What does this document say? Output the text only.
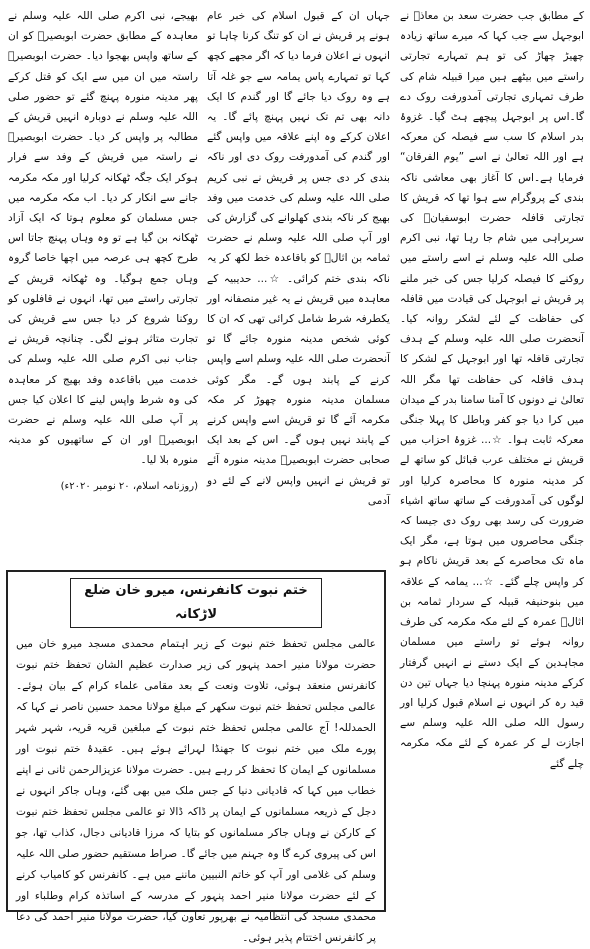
کے مطابق جب حضرت سعد بن معاذؓ نے ابوجہل سے جب کہا کہ میرے ساتھ زیادہ چھیڑ چھاڑ کی تو ہم تمہارے تجارتی راستے میں بیٹھے ہیں میرا قبیلہ شام کی طرف تمہاری تجارتی آمدورفت روک دے گا۔اس پر ابوجہل پیچھے ہٹ گیا۔ غزوۂ بدر اسلام کا سب سے فیصلہ کن معرکہ ہے اور اللہ تعالیٰ نے اسے ”یوم الفرقان“ فرمایا ہے۔اس کا آغاز بھی معاشی ناکہ بندی کے پروگرام سے ہوا تھا کہ قریش کا تجارتی قافلہ حضرت ابوسفیانؓ کی سربراہی میں شام جا رہا تھا، نبی اکرم صلی اللہ علیہ وسلم نے اسے راستے میں روکنے کا فیصلہ کرلیا جس کی خبر ملنے پر قریش نے ابوجہل کی قیادت میں قافلہ کی حفاظت کے لئے لشکر روانہ کیا۔آنحضرت صلی اللہ علیہ وسلم کے ہدف تجارتی قافلہ تھا اور ابوجہل کے لشکر کا ہدف قافلہ کی حفاظت تھا مگر اللہ تعالیٰ نے دونوں کا آمنا سامنا بدر کے میدان میں کرا دیا جو کفر وباطل کا پہلا جنگی معرکہ ثابت ہوا۔ ☆... غزوۂ احزاب میں قریش نے مختلف عرب قبائل کو ساتھ لے کر مدینہ منورہ کا محاصرہ کرلیا اور لوگوں کی آمدورفت کے ساتھ ساتھ اشیاء ضرورت کی رسد بھی روک دی جیسا کہ جنگی محاصروں میں ہوتا ہے، مگر ایک ماہ تک محاصرے کے بعد قریش ناکام ہو کر واپس چلے گئے۔ ☆... یمامہ کے علاقہ میں بنوحنیفہ قبیلہ کے سردار ثمامہ بن اثالؓ عمرہ کے لئے مکہ مکرمہ کی طرف روانہ ہوئے تو راستے میں مسلمان مجاہدین کے ایک دستے نے انہیں گرفتار کرکے مدینہ منورہ پہنچا دیا جہاں تین دن قید رہ کر انہوں نے اسلام قبول کرلیا اور رسول اللہ صلی اللہ علیہ وسلم سے اجازت لے کر عمرہ کے لئے مکہ مکرمہ چلے گئے

جہاں ان کے قبول اسلام کی خبر عام ہونے پر قریش نے ان کو تنگ کرنا چاہا تو انہوں نے اعلان فرما دیا کہ اگر مجھے کچھ کہا تو تمہارے پاس یمامہ سے جو غلہ آتا ہے وہ روک دیا جائے گا اور گندم کا ایک دانہ بھی تم تک نہیں پہنچ پائے گا۔ یہ اعلان کرکے وہ اپنے علاقہ میں واپس گئے اور گندم کی آمدورفت روک دی اور ناکہ بندی کر دی جس پر قریش نے نبی کریم صلی اللہ علیہ وسلم کی خدمت میں وفد بھیج کر ناکہ بندی کھلوانے کی گزارش کی اور آپ صلی اللہ علیہ وسلم نے حضرت ثمامہ بن اثالؓ کو باقاعدہ خط لکھ کر یہ ناکہ بندی ختم کرائی۔ ☆... حدیبیہ کے معاہدہ میں قریش نے یہ غیر منصفانہ اور یکطرفہ شرط شامل کرائی تھی کہ ان کا کوئی شخص مدینہ منورہ جائے گا تو آنحضرت صلی اللہ علیہ وسلم اسے واپس کرنے کے پابند ہوں گے۔ مگر کوئی مسلمان مدینہ منورہ چھوڑ کر مکہ مکرمہ آئے گا تو قریش اسے واپس کرنے کے پابند نہیں ہوں گے۔ اس کے بعد ایک صحابی حضرت ابوبصیرؓ مدینہ منورہ آئے تو قریش نے انہیں واپس لانے کے لئے دو آدمی

بھیجے، نبی اکرم صلی اللہ علیہ وسلم نے معاہدہ کے مطابق حضرت ابوبصیرؓ کو ان کے ساتھ واپس بھجوا دیا۔ حضرت ابوبصیرؓ راستہ میں ان میں سے ایک کو قتل کرکے پھر مدینہ منورہ پہنچ گئے تو حضور صلی اللہ علیہ وسلم نے دوبارہ انہیں قریش کے مطالبہ پر واپس کر دیا۔ حضرت ابوبصیرؓ نے راستہ میں قریش کے وفد سے فرار ہوکر ایک جگہ ٹھکانہ کرلیا اور مکہ مکرمہ جانے سے انکار کر دیا۔ اب مکہ مکرمہ میں جس مسلمان کو معلوم ہوتا کہ ایک آزاد ٹھکانہ بن گیا ہے تو وہ وہاں پہنچ جاتا اس طرح کچھ ہی عرصہ میں اچھا خاصا گروہ وہاں جمع ہوگیا۔ وہ ٹھکانہ قریش کے تجارتی راستے میں تھا، انہوں نے قافلوں کو روکنا شروع کر دیا جس سے قریش کی تجارت متاثر ہونے لگی۔ چنانچہ قریش نے جناب نبی اکرم صلی اللہ علیہ وسلم کی خدمت میں باقاعدہ وفد بھیج کر معاہدہ کی وہ شرط واپس لینے کا اعلان کیا جس پر آپ صلی اللہ علیہ وسلم نے حضرت ابوبصیرؓ اور ان کے ساتھیوں کو مدینہ منورہ بلا لیا۔

(روزنامہ اسلام، ۲۰ نومبر ۲۰۲۰ء)
ختم نبوت کانفرنس، میرو خان ضلع لاڑکانہ

عالمی مجلس تحفظ ختم نبوت کے زیر اہتمام محمدی مسجد میرو خان میں حضرت مولانا منیر احمد پنہور کی زیر صدارت عظیم الشان تحفظ ختم نبوت کانفرنس منعقد ہوئی، تلاوت ونعت کے بعد مقامی علماء کرام کے بیان ہوئے۔ عالمی مجلس تحفظ ختم نبوت سکھر کے مبلغ مولانا محمد حسین ناصر نے کہا کہ الحمدللہ! آج عالمی مجلس تحفظ ختم نبوت کے مبلغین قریہ قریہ، شہر شہر پورے ملک میں ختم نبوت کا جھنڈا لہرائے ہوئے ہیں۔ عقیدۂ ختم نبوت اور مسلمانوں کے ایمان کا تحفظ کر رہے ہیں۔ حضرت مولانا عزیزالرحمن ثانی نے اپنے خطاب میں کہا کہ قادیانی دنیا کے جس ملک میں بھی گئے، وہاں جاکر انہوں نے دجل کے ذریعہ مسلمانوں کے ایمان پر ڈاکہ ڈالا تو عالمی مجلس تحفظ ختم نبوت کے کارکن نے وہاں جاکر مسلمانوں کو بتایا کہ مرزا قادیانی دجال، کذاب تھا، جو اس کی پیروی کرے گا وہ جہنم میں جائے گا۔ صراط مستقیم حضور صلی اللہ علیہ وسلم کی غلامی اور آپ کو خاتم النبیین ماننے میں ہے۔ کانفرنس کو کامیاب کرنے کے لئے حضرت مولانا منیر احمد پنہور کے مدرسہ کے اساتذہ کرام وطلباء اور محمدی مسجد کی انتظامیہ نے بھرپور تعاون کیا، حضرت مولانا منیر احمد کی دعا پر کانفرنس اختتام پذیر ہوئی۔
